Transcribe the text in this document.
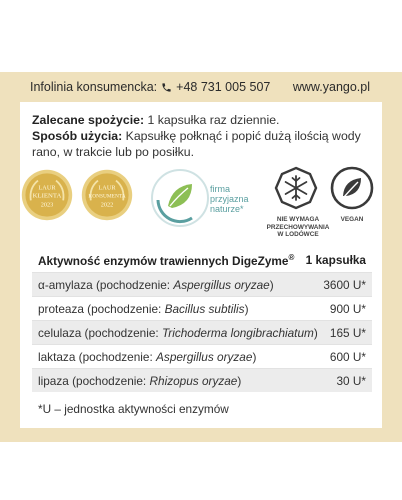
Infolinia konsumencka: +48 731 005 507 www.yango.pl
Zalecane spożycie: 1 kapsułka raz dziennie.
Sposób użycia: Kapsułkę połknąć i popić dużą ilością wody rano, w trakcie lub po posiłku.
LAUR
KLIENTA
2023
LAUR
KONSUMENTA
2022
firma
przyjazna
naturze*
NIE WYMAGA
PRZECHOWYWANIA
W LODÓWCE
VEGAN
Aktywność enzymów trawiennych DigeZyme® 1 kapsułka
α-amylaza (pochodzenie: Aspergillus oryzae)	3600 U*
proteaza (pochodzenie: Bacillus subtilis)	900 U*
celulaza (pochodzenie: Trichoderma longibrachiatum) 165 U*
laktaza (pochodzenie: Aspergillus oryzae)	600 U*
lipaza (pochodzenie: Rhizopus oryzae)	30 U*
*U – jednostka aktywności enzymów
